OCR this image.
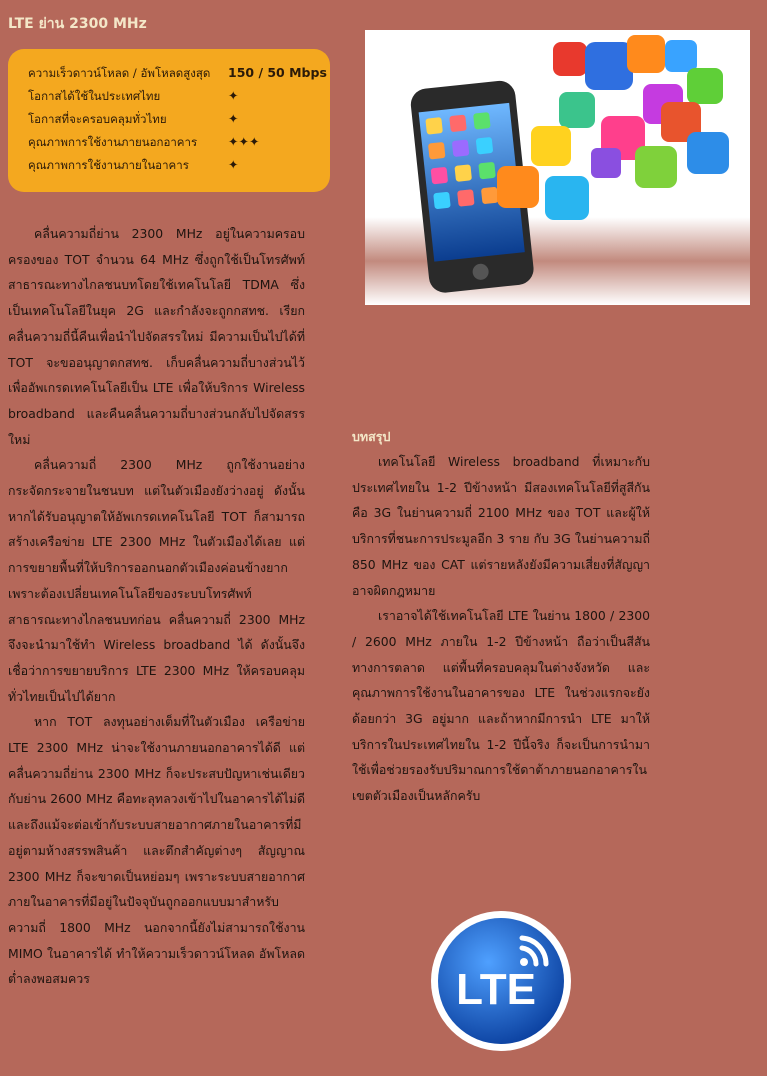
LTE ย่าน 2300 MHz
ความเร็วดาวน์โหลด / อัพโหลดสูงสุด 150 / 50 Mbps
โอกาสได้ใช้ในประเทศไทย	✦
โอกาสที่จะครอบคลุมทั่วไทย	✦
คุณภาพการใช้งานภายนอกอาคาร ✦✦✦
คุณภาพการใช้งานภายในอาคาร	✦

คลื่นความถี่ย่าน 2300 MHz อยู่ในความครอบครองของ TOT จำนวน 64 MHz ซึ่งถูกใช้เป็นโทรศัพท์สาธารณะทางไกลชนบทโดยใช้เทคโนโลยี TDMA ซึ่งเป็นเทคโนโลยีในยุค 2G และกำลังจะถูกกสทช. เรียกคลื่นความถี่นี้คืนเพื่อนำไปจัดสรรใหม่ มีความเป็นไปได้ที่ TOT จะขออนุญาตกสทช. เก็บคลื่นความถี่บางส่วนไว้เพื่ออัพเกรดเทคโนโลยีเป็น LTE เพื่อให้บริการ Wireless broadband และคืนคลื่นความถี่บางส่วนกลับไปจัดสรรใหม่

คลื่นความถี่ 2300 MHz ถูกใช้งานอย่างกระจัดกระจายในชนบท แต่ในตัวเมืองยังว่างอยู่ ดังนั้นหากได้รับอนุญาตให้อัพเกรดเทคโนโลยี TOT ก็สามารถสร้างเครือข่าย LTE 2300 MHz ในตัวเมืองได้เลย แต่การขยายพื้นที่ให้บริการออกนอกตัวเมืองค่อนข้างยาก เพราะต้องเปลี่ยนเทคโนโลยีของระบบโทรศัพท์สาธารณะทางไกลชนบทก่อน คลื่นความถี่ 2300 MHz จึงจะนำมาใช้ทำ Wireless broadband ได้ ดังนั้นจึงเชื่อว่าการขยายบริการ LTE 2300 MHz ให้ครอบคลุมทั่วไทยเป็นไปได้ยาก

หาก TOT ลงทุนอย่างเต็มที่ในตัวเมือง เครือข่าย LTE 2300 MHz น่าจะใช้งานภายนอกอาคารได้ดี แต่คลื่นความถี่ย่าน 2300 MHz ก็จะประสบปัญหาเช่นเดียวกับย่าน 2600 MHz คือทะลุทลวงเข้าไปในอาคารได้ไม่ดี และถึงแม้จะต่อเข้ากับระบบสายอากาศภายในอาคารที่มีอยู่ตามห้างสรรพสินค้า และตึกสำคัญต่างๆ สัญญาณ 2300 MHz ก็จะขาดเป็นหย่อมๆ เพราะระบบสายอากาศภายในอาคารที่มีอยู่ในปัจจุบันถูกออกแบบมาสำหรับความถี่ 1800 MHz นอกจากนี้ยังไม่สามารถใช้งาน MIMO ในอาคารได้ ทำให้ความเร็วดาวน์โหลด อัพโหลด ต่ำลงพอสมควร

บทสรุป

เทคโนโลยี Wireless broadband ที่เหมาะกับประเทศไทยใน 1-2 ปีข้างหน้า มีสองเทคโนโลยีที่สูสีกัน คือ 3G ในย่านความถี่ 2100 MHz ของ TOT และผู้ให้บริการที่ชนะการประมูลอีก 3 ราย กับ 3G ในย่านความถี่ 850 MHz ของ CAT แต่รายหลังยังมีความเสี่ยงที่สัญญาอาจผิดกฎหมาย

เราอาจได้ใช้เทคโนโลยี LTE ในย่าน 1800 / 2300 / 2600 MHz ภายใน 1-2 ปีข้างหน้า ถือว่าเป็นสีสันทางการตลาด แต่พื้นที่ครอบคลุมในต่างจังหวัด และคุณภาพการใช้งานในอาคารของ LTE ในช่วงแรกจะยังด้อยกว่า 3G อยู่มาก และถ้าหากมีการนำ LTE มาให้บริการในประเทศไทยใน 1-2 ปีนี้จริง ก็จะเป็นการนำมาใช้เพื่อช่วยรองรับปริมาณการใช้ดาต้าภายนอกอาคารในเขตตัวเมืองเป็นหลักครับ

LTE
